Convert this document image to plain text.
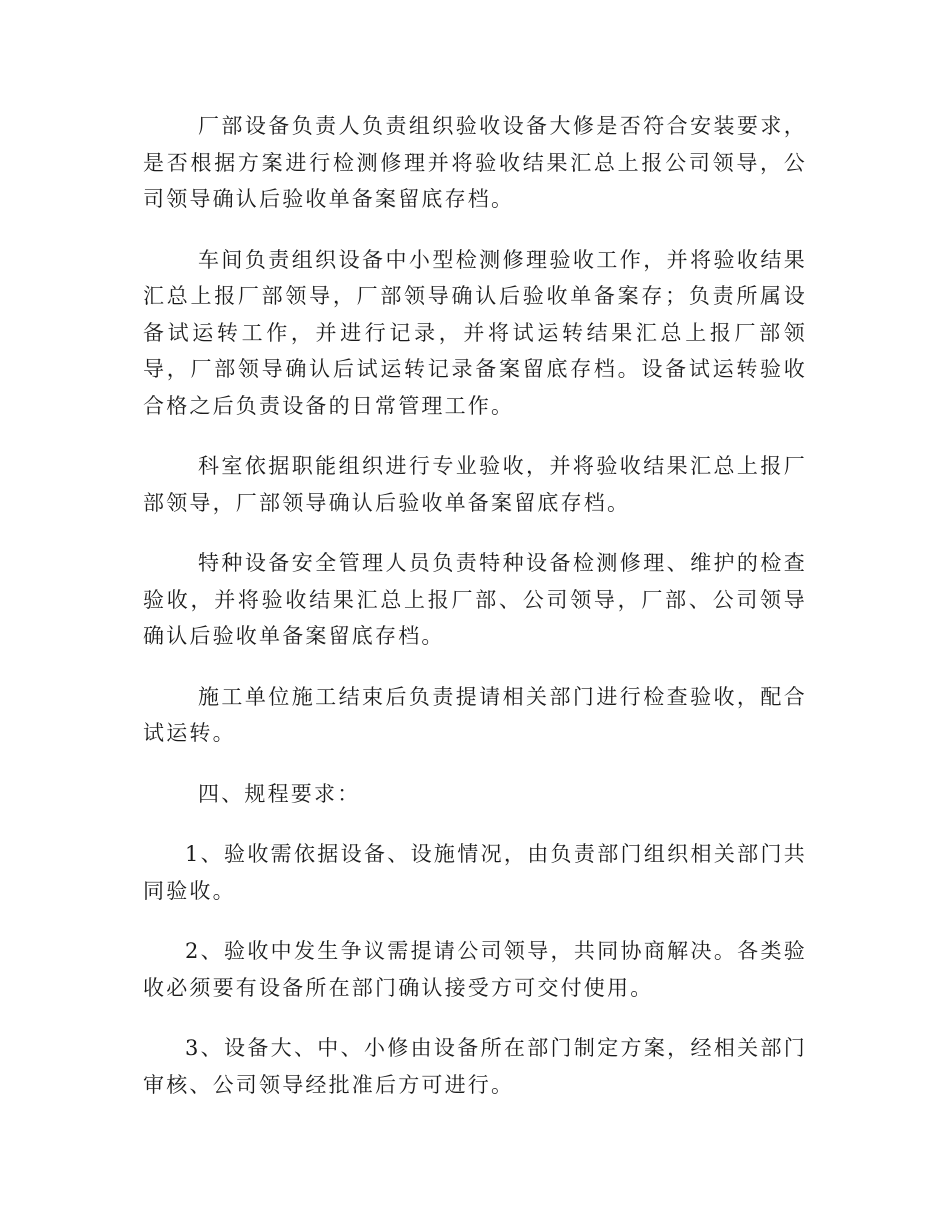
厂部设备负责人负责组织验收设备大修是否符合安装要求，是否根据方案进行检测修理并将验收结果汇总上报公司领导，公司领导确认后验收单备案留底存档。

车间负责组织设备中小型检测修理验收工作，并将验收结果汇总上报厂部领导，厂部领导确认后验收单备案存；负责所属设备试运转工作，并进行记录，并将试运转结果汇总上报厂部领导，厂部领导确认后试运转记录备案留底存档。设备试运转验收合格之后负责设备的日常管理工作。

科室依据职能组织进行专业验收，并将验收结果汇总上报厂部领导，厂部领导确认后验收单备案留底存档。

特种设备安全管理人员负责特种设备检测修理、维护的检查验收，并将验收结果汇总上报厂部、公司领导，厂部、公司领导确认后验收单备案留底存档。

施工单位施工结束后负责提请相关部门进行检查验收，配合试运转。

四、规程要求：

1、验收需依据设备、设施情况，由负责部门组织相关部门共同验收。

2、验收中发生争议需提请公司领导，共同协商解决。各类验收必须要有设备所在部门确认接受方可交付使用。

3、设备大、中、小修由设备所在部门制定方案，经相关部门审核、公司领导经批准后方可进行。
